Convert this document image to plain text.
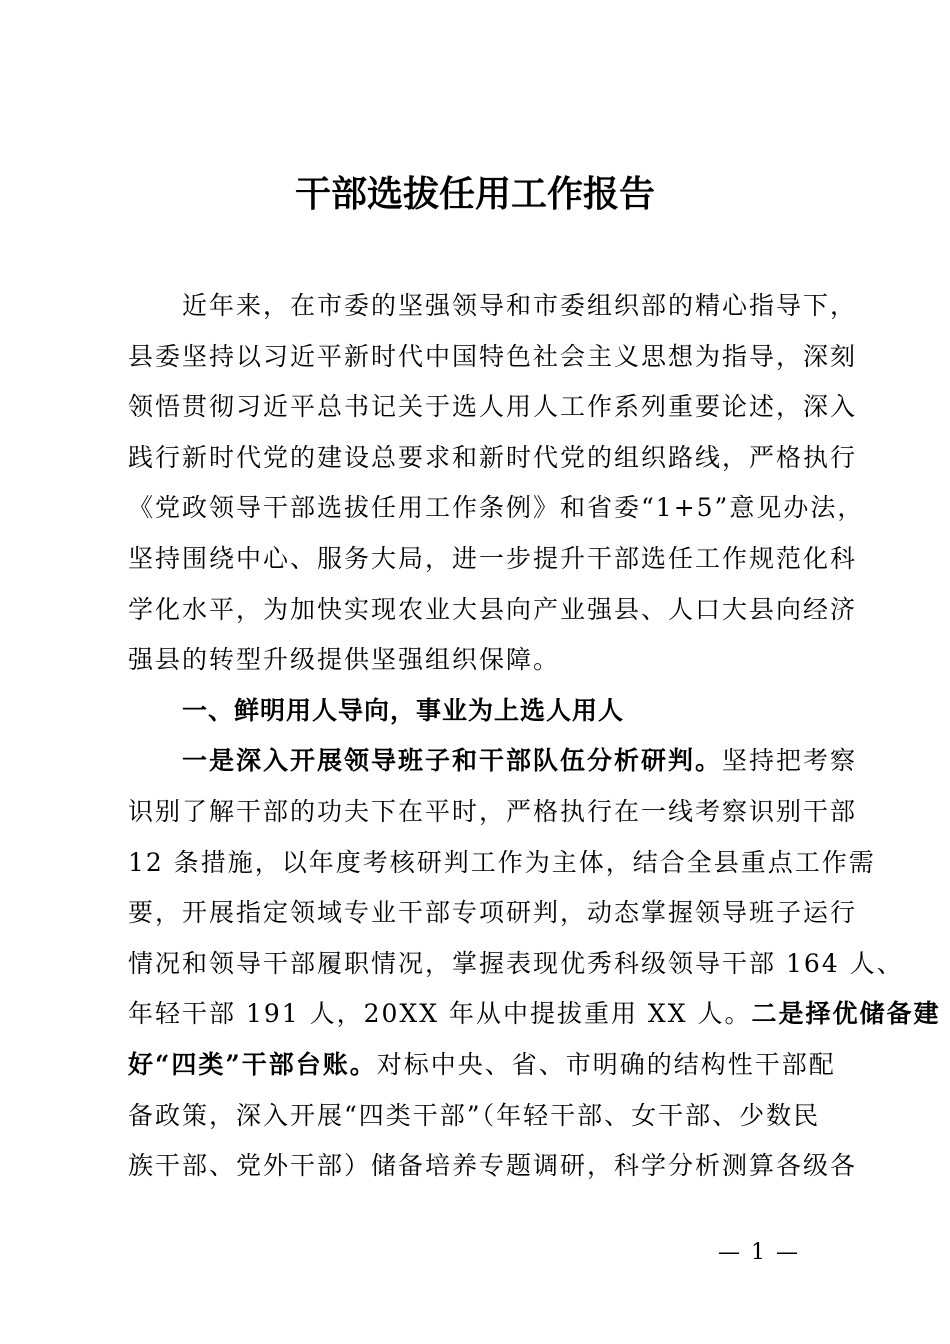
干部选拔任用工作报告
近年来，在市委的坚强领导和市委组织部的精心指导下，
县委坚持以习近平新时代中国特色社会主义思想为指导，深刻
领悟贯彻习近平总书记关于选人用人工作系列重要论述，深入
践行新时代党的建设总要求和新时代党的组织路线，严格执行
《党政领导干部选拔任用工作条例》和省委“1+5”意见办法，
坚持围绕中心、服务大局，进一步提升干部选任工作规范化科
学化水平，为加快实现农业大县向产业强县、人口大县向经济
强县的转型升级提供坚强组织保障。
一、鲜明用人导向，事业为上选人用人
一是深入开展领导班子和干部队伍分析研判。坚持把考察
识别了解干部的功夫下在平时，严格执行在一线考察识别干部
12 条措施，以年度考核研判工作为主体，结合全县重点工作需
要，开展指定领域专业干部专项研判，动态掌握领导班子运行
情况和领导干部履职情况，掌握表现优秀科级领导干部 164 人、
年轻干部 191 人，20XX 年从中提拔重用 XX 人。二是择优储备建
好“四类”干部台账。对标中央、省、市明确的结构性干部配
备政策，深入开展“四类干部”（年轻干部、女干部、少数民
族干部、党外干部）储备培养专题调研，科学分析测算各级各
— 1 —
